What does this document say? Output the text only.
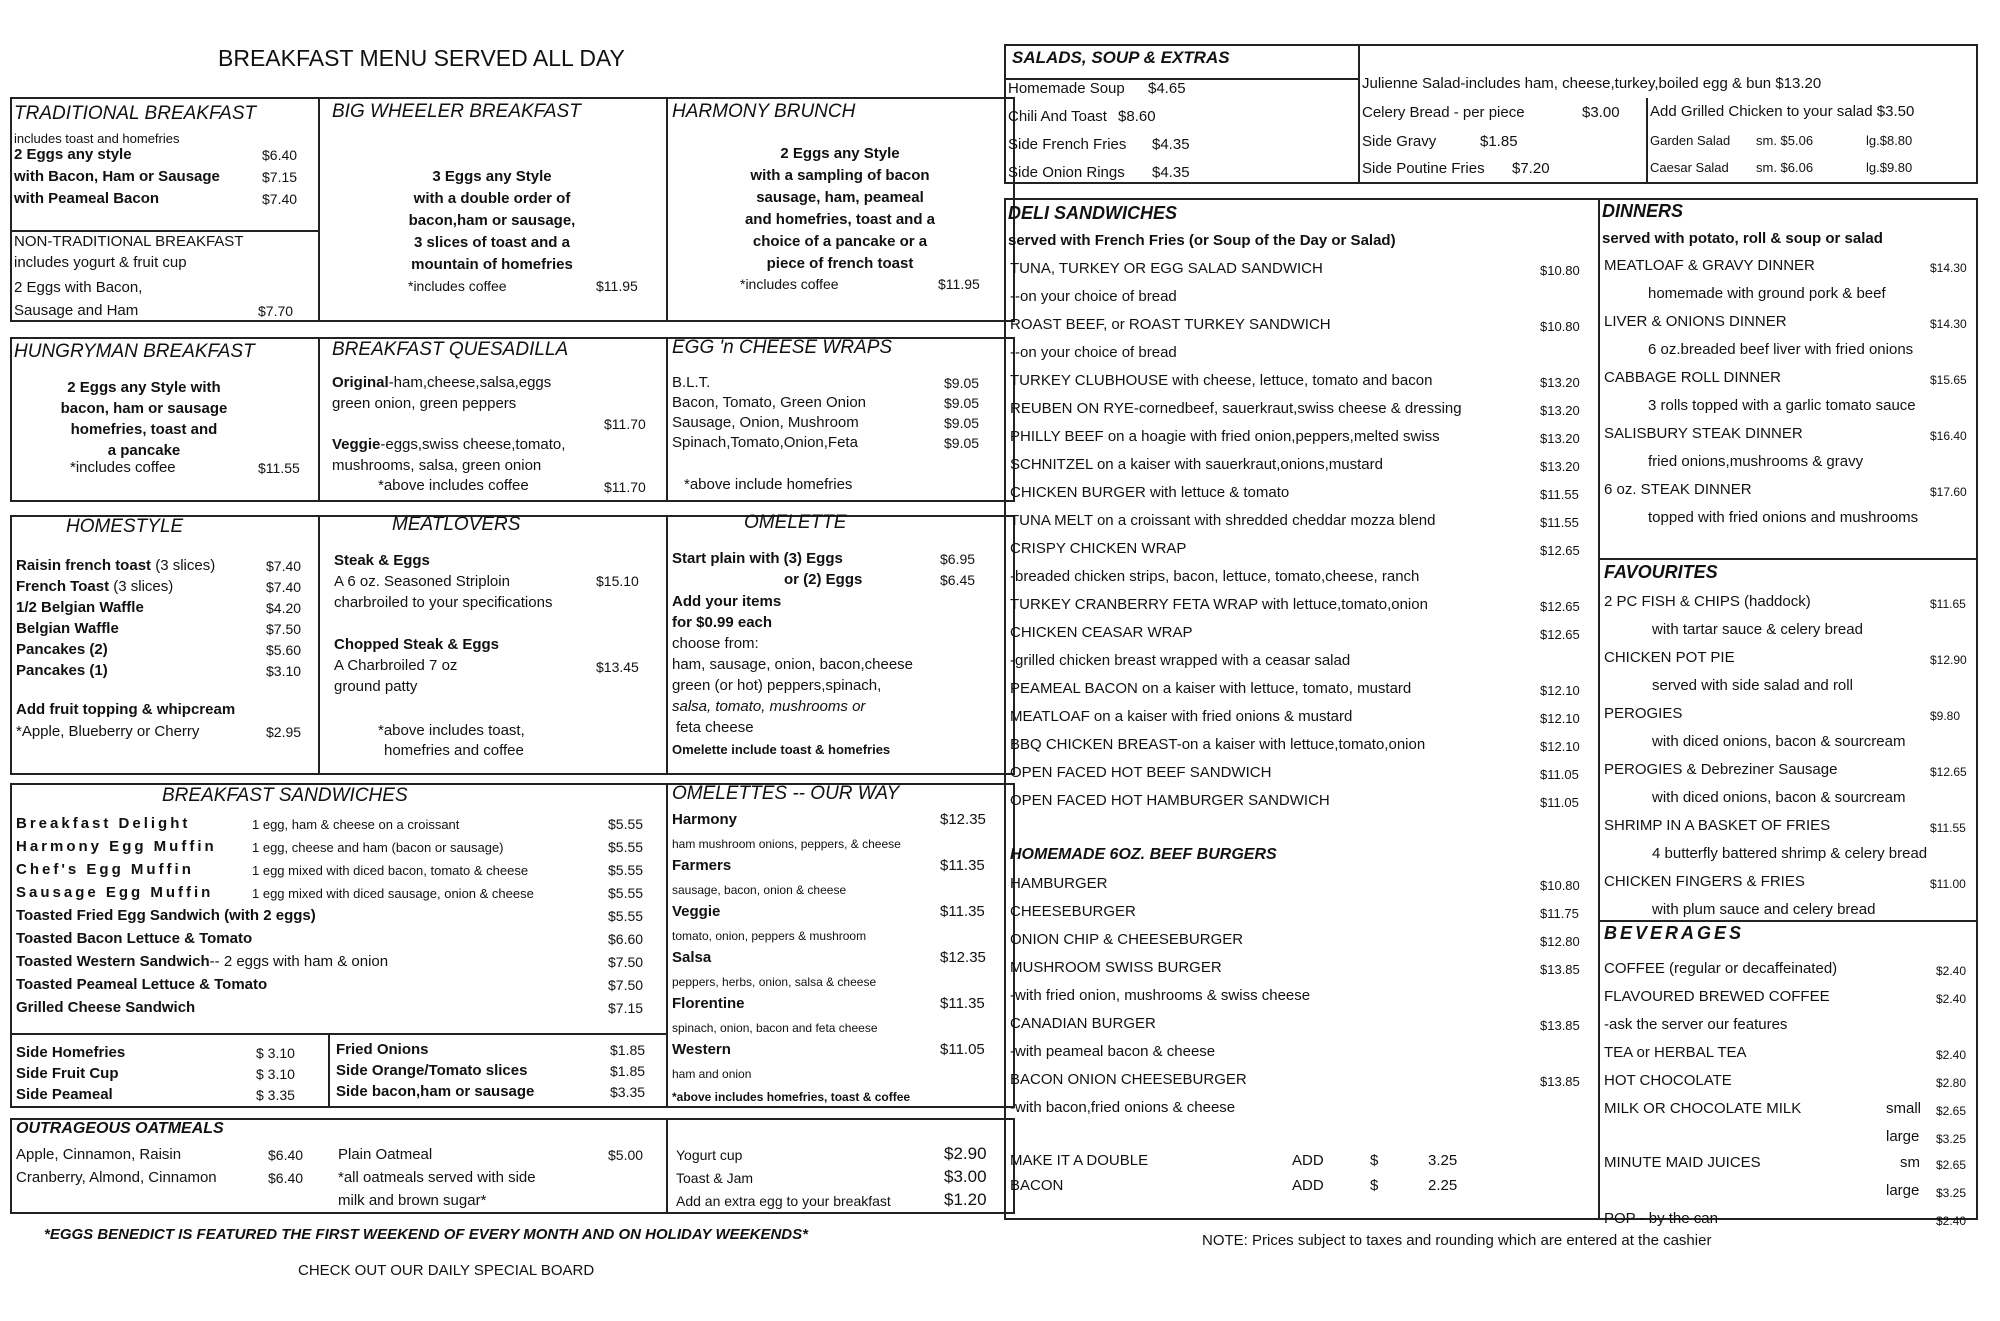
BREAKFAST MENU SERVED ALL DAY
TRADITIONAL BREAKFAST
includes toast and homefries
2 Eggs any style	$6.40
with Bacon, Ham or Sausage	$7.15
with Peameal Bacon	$7.40
NON-TRADITIONAL BREAKFAST
includes yogurt & fruit cup
2 Eggs with Bacon,
Sausage and Ham	$7.70
BIG WHEELER BREAKFAST
3 Eggs any Style
with a double order of
bacon,ham or sausage,
3 slices of toast and a
mountain of homefries
*includes coffee	$11.95
HARMONY BRUNCH
2 Eggs any Style
with a sampling of bacon
sausage, ham, peameal
and homefries, toast and a
choice of a pancake or a
piece of french toast
*includes coffee	$11.95
HUNGRYMAN BREAKFAST
2 Eggs any Style with
bacon, ham or sausage
homefries, toast and
a pancake
*includes coffee	$11.55
BREAKFAST QUESADILLA
Original-ham,cheese,salsa,eggs
green onion, green peppers
$11.70
Veggie-eggs,swiss cheese,tomato,
mushrooms, salsa, green onion
*above includes coffee	$11.70
EGG 'n CHEESE WRAPS
B.L.T.	$9.05
Bacon, Tomato, Green Onion	$9.05
Sausage, Onion, Mushroom	$9.05
Spinach,Tomato,Onion,Feta	$9.05
*above include homefries
HOMESTYLE
Raisin french toast (3 slices)	$7.40
French Toast (3 slices)	$7.40
1/2 Belgian Waffle	$4.20
Belgian Waffle	$7.50
Pancakes (2)	$5.60
Pancakes (1)	$3.10
Add fruit topping & whipcream
*Apple, Blueberry or Cherry	$2.95
MEATLOVERS
Steak & Eggs
A 6 oz. Seasoned Striploin
charbroiled to your specifications
$15.10
Chopped Steak & Eggs
A Charbroiled 7 oz
ground patty
$13.45
*above includes toast,
homefries and coffee
OMELETTE
Start plain with (3) Eggs	$6.95
or (2) Eggs	$6.45
Add your items
for $0.99 each
choose from:
ham, sausage, onion, bacon,cheese
green (or hot) peppers,spinach,
salsa, tomato, mushrooms or
feta cheese
Omelette include toast & homefries
BREAKFAST SANDWICHES
Breakfast Delight	1 egg, ham & cheese on a croissant	$5.55
Harmony Egg Muffin	1 egg, cheese and ham (bacon or sausage)	$5.55
Chef's Egg Muffin	1 egg mixed with diced bacon, tomato & cheese	$5.55
Sausage Egg Muffin	1 egg mixed with diced sausage, onion & cheese	$5.55
Toasted Fried Egg Sandwich (with 2 eggs)	$5.55
Toasted Bacon Lettuce & Tomato	$6.60
Toasted Western Sandwich-- 2 eggs with ham & onion	$7.50
Toasted Peameal Lettuce & Tomato	$7.50
Grilled Cheese Sandwich	$7.15
Side Homefries	$ 3.10
Side Fruit Cup	$ 3.10
Side Peameal	$ 3.35
Fried Onions	$1.85
Side Orange/Tomato slices	$1.85
Side bacon,ham or sausage	$3.35
OMELETTES -- OUR WAY
Harmony	$12.35
ham mushroom onions, peppers, & cheese
Farmers	$11.35
sausage, bacon, onion & cheese
Veggie	$11.35
tomato, onion, peppers & mushroom
Salsa	$12.35
peppers, herbs, onion, salsa & cheese
Florentine	$11.35
spinach, onion, bacon and feta cheese
Western	$11.05
ham and onion
*above includes homefries, toast & coffee
OUTRAGEOUS OATMEALS
Apple, Cinnamon, Raisin	$6.40
Cranberry, Almond, Cinnamon	$6.40
Plain Oatmeal	$5.00
*all oatmeals served with side
milk and brown sugar*
Yogurt cup	$2.90
Toast & Jam	$3.00
Add an extra egg to your breakfast	$1.20
*EGGS BENEDICT IS FEATURED THE FIRST WEEKEND OF EVERY MONTH AND ON HOLIDAY WEEKENDS*
CHECK OUT OUR DAILY SPECIAL BOARD
SALADS, SOUP & EXTRAS
Homemade Soup $4.65
Chili And Toast $8.60
Side French Fries $4.35
Side Onion Rings $4.35
Julienne Salad-includes ham, cheese,turkey,boiled egg & bun $13.20
Celery Bread - per piece	$3.00
Side Gravy	$1.85
Side Poutine Fries $7.20
Add Grilled Chicken to your salad $3.50
Garden Salad sm. $5.06	lg.$8.80
Caesar Salad sm. $6.06	lg.$9.80
DELI SANDWICHES
served with French Fries (or Soup of the Day or Salad)
TUNA, TURKEY OR EGG SALAD SANDWICH	$10.80
--on your choice of bread
ROAST BEEF, or ROAST TURKEY SANDWICH	$10.80
--on your choice of bread
TURKEY CLUBHOUSE with cheese, lettuce, tomato and bacon	$13.20
REUBEN ON RYE-cornedbeef, sauerkraut,swiss cheese & dressing	$13.20
PHILLY BEEF on a hoagie with fried onion,peppers,melted swiss	$13.20
SCHNITZEL on a kaiser with sauerkraut,onions,mustard	$13.20
CHICKEN BURGER with lettuce & tomato	$11.55
TUNA MELT on a croissant with shredded cheddar mozza blend	$11.55
CRISPY CHICKEN WRAP	$12.65
-breaded chicken strips, bacon, lettuce, tomato,cheese, ranch
TURKEY CRANBERRY FETA WRAP with lettuce,tomato,onion	$12.65
CHICKEN CEASAR WRAP	$12.65
-grilled chicken breast wrapped with a ceasar salad
PEAMEAL BACON on a kaiser with lettuce, tomato, mustard	$12.10
MEATLOAF on a kaiser with fried onions & mustard	$12.10
BBQ CHICKEN BREAST-on a kaiser with lettuce,tomato,onion	$12.10
OPEN FACED HOT BEEF SANDWICH	$11.05
OPEN FACED HOT HAMBURGER SANDWICH	$11.05
HOMEMADE 6OZ. BEEF BURGERS
HAMBURGER	$10.80
CHEESEBURGER	$11.75
ONION CHIP & CHEESEBURGER	$12.80
MUSHROOM SWISS BURGER	$13.85
-with fried onion, mushrooms & swiss cheese
CANADIAN BURGER	$13.85
-with peameal bacon & cheese
BACON ONION CHEESEBURGER	$13.85
-with bacon,fried onions & cheese
MAKE IT A DOUBLE	ADD	$	3.25
BACON	ADD	$	2.25
DINNERS
served with potato, roll & soup or salad
MEATLOAF & GRAVY DINNER	$14.30
homemade with ground pork & beef
LIVER & ONIONS DINNER	$14.30
6 oz.breaded beef liver with fried onions
CABBAGE ROLL DINNER	$15.65
3 rolls topped with a garlic tomato sauce
SALISBURY STEAK DINNER	$16.40
fried onions,mushrooms & gravy
6 oz. STEAK DINNER	$17.60
topped with fried onions and mushrooms
FAVOURITES
2 PC FISH & CHIPS (haddock)	$11.65
with tartar sauce & celery bread
CHICKEN POT PIE	$12.90
served with side salad and roll
PEROGIES	$9.80
with diced onions, bacon & sourcream
PEROGIES & Debreziner Sausage	$12.65
with diced onions, bacon & sourcream
SHRIMP IN A BASKET OF FRIES	$11.55
4 butterfly battered shrimp & celery bread
CHICKEN FINGERS & FRIES	$11.00
with plum sauce and celery bread
BEVERAGES
COFFEE (regular or decaffeinated)	$2.40
FLAVOURED BREWED COFFEE	$2.40
-ask the server our features
TEA or HERBAL TEA	$2.40
HOT CHOCOLATE	$2.80
MILK OR CHOCOLATE MILK	small $2.65
large $3.25
MINUTE MAID JUICES	sm $2.65
large $3.25
POP - by the can	$2.40
NOTE: Prices subject to taxes and rounding which are entered at the cashier
